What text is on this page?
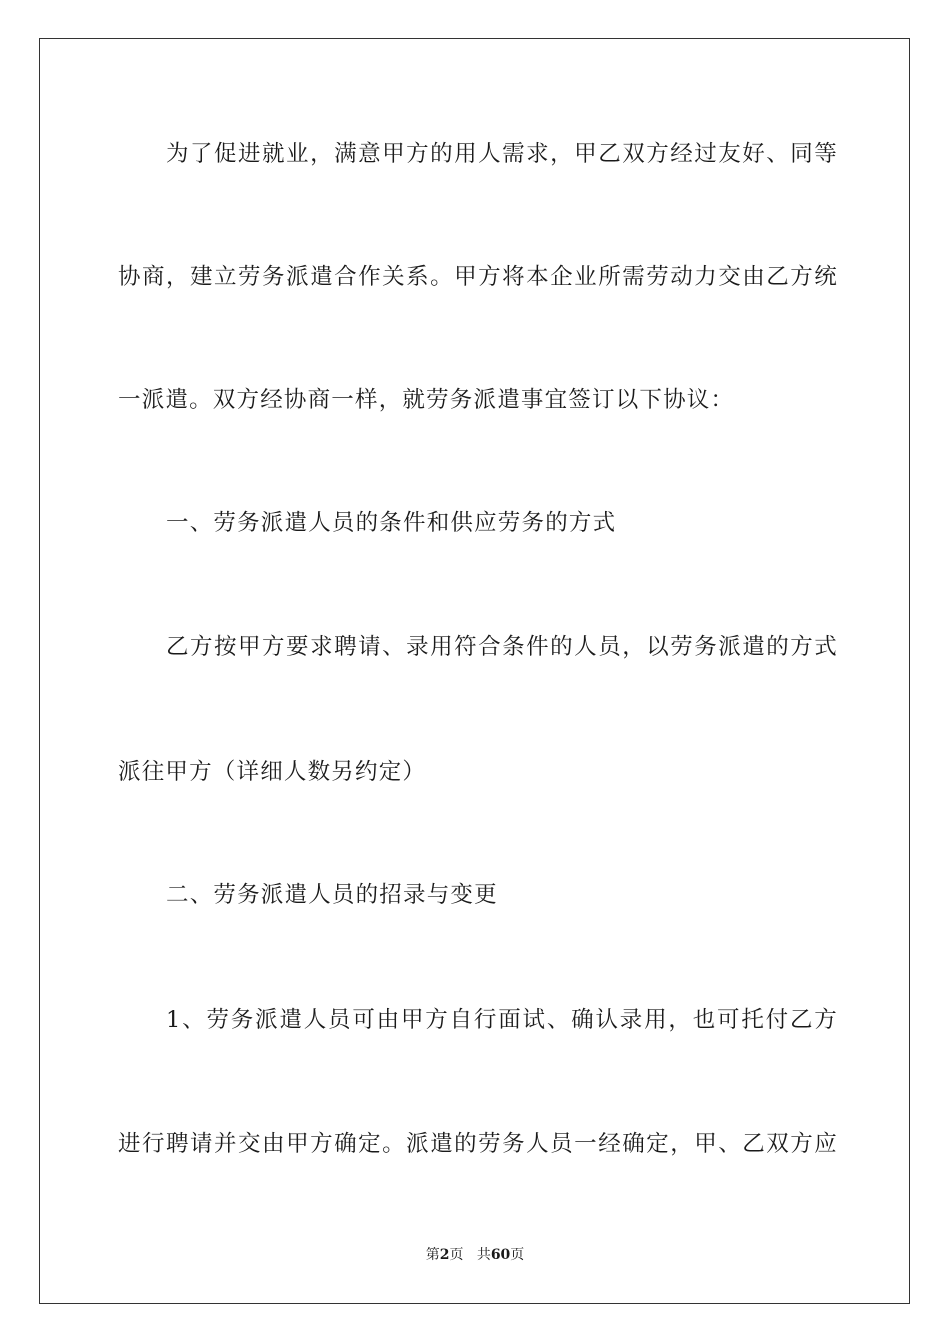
为了促进就业，满意甲方的用人需求，甲乙双方经过友好、同等
协商，建立劳务派遣合作关系。甲方将本企业所需劳动力交由乙方统
一派遣。双方经协商一样，就劳务派遣事宜签订以下协议：
一、劳务派遣人员的条件和供应劳务的方式
乙方按甲方要求聘请、录用符合条件的人员，以劳务派遣的方式
派往甲方（详细人数另约定）
二、劳务派遣人员的招录与变更
1、劳务派遣人员可由甲方自行面试、确认录用，也可托付乙方
进行聘请并交由甲方确定。派遣的劳务人员一经确定，甲、乙双方应
第2页 共60页
